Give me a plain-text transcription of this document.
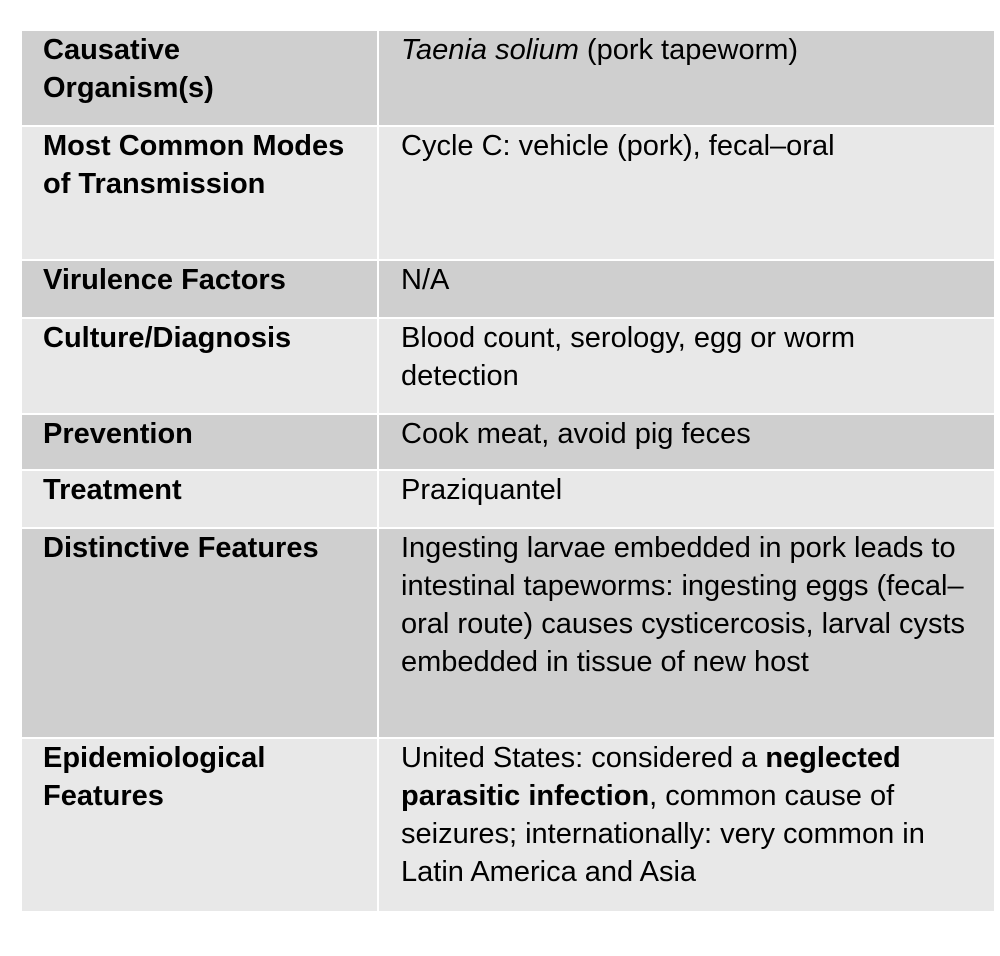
Causative Organism(s)	Taenia solium (pork tapeworm)
Most Common Modes of Transmission	Cycle C: vehicle (pork), fecal–oral
Virulence Factors	N/A
Culture/Diagnosis	Blood count, serology, egg or worm detection
Prevention	Cook meat, avoid pig feces
Treatment	Praziquantel
Distinctive Features	Ingesting larvae embedded in pork leads to intestinal tapeworms: ingesting eggs (fecal–oral route) causes cysticercosis, larval cysts embedded in tissue of new host
Epidemiological Features	United States: considered a neglected parasitic infection, common cause of seizures; internationally: very common in Latin America and Asia
